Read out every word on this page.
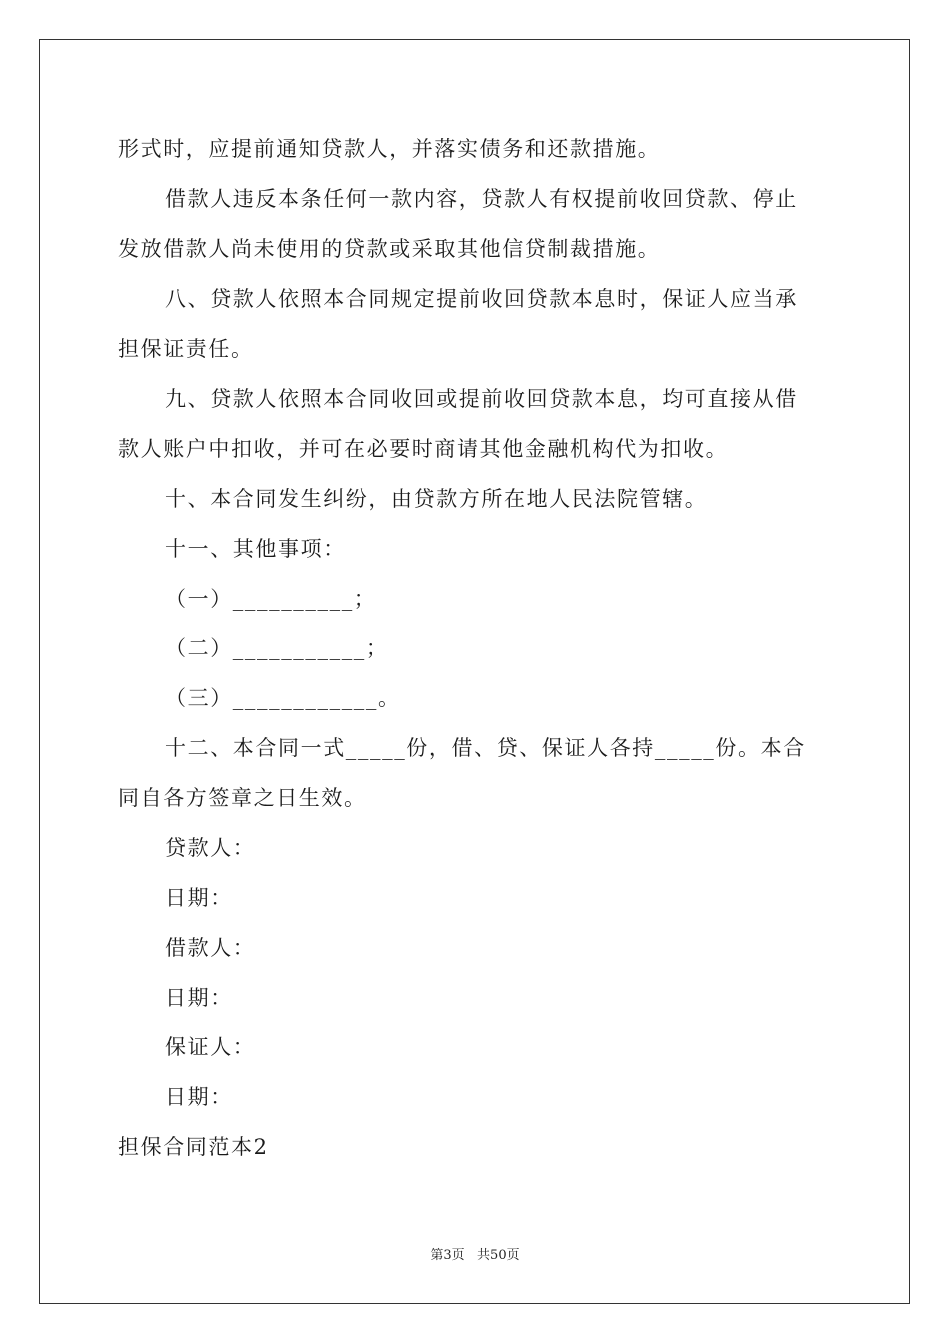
形式时，应提前通知贷款人，并落实债务和还款措施。
借款人违反本条任何一款内容，贷款人有权提前收回贷款、停止
发放借款人尚未使用的贷款或采取其他信贷制裁措施。
八、贷款人依照本合同规定提前收回贷款本息时，保证人应当承
担保证责任。
九、贷款人依照本合同收回或提前收回贷款本息，均可直接从借
款人账户中扣收，并可在必要时商请其他金融机构代为扣收。
十、本合同发生纠纷，由贷款方所在地人民法院管辖。
十一、其他事项：
（一）__________；
（二）___________；
（三）____________。
十二、本合同一式_____份，借、贷、保证人各持_____份。本合
同自各方签章之日生效。
贷款人：
日期：
借款人：
日期：
保证人：
日期：
担保合同范本2
第3页   共50页
